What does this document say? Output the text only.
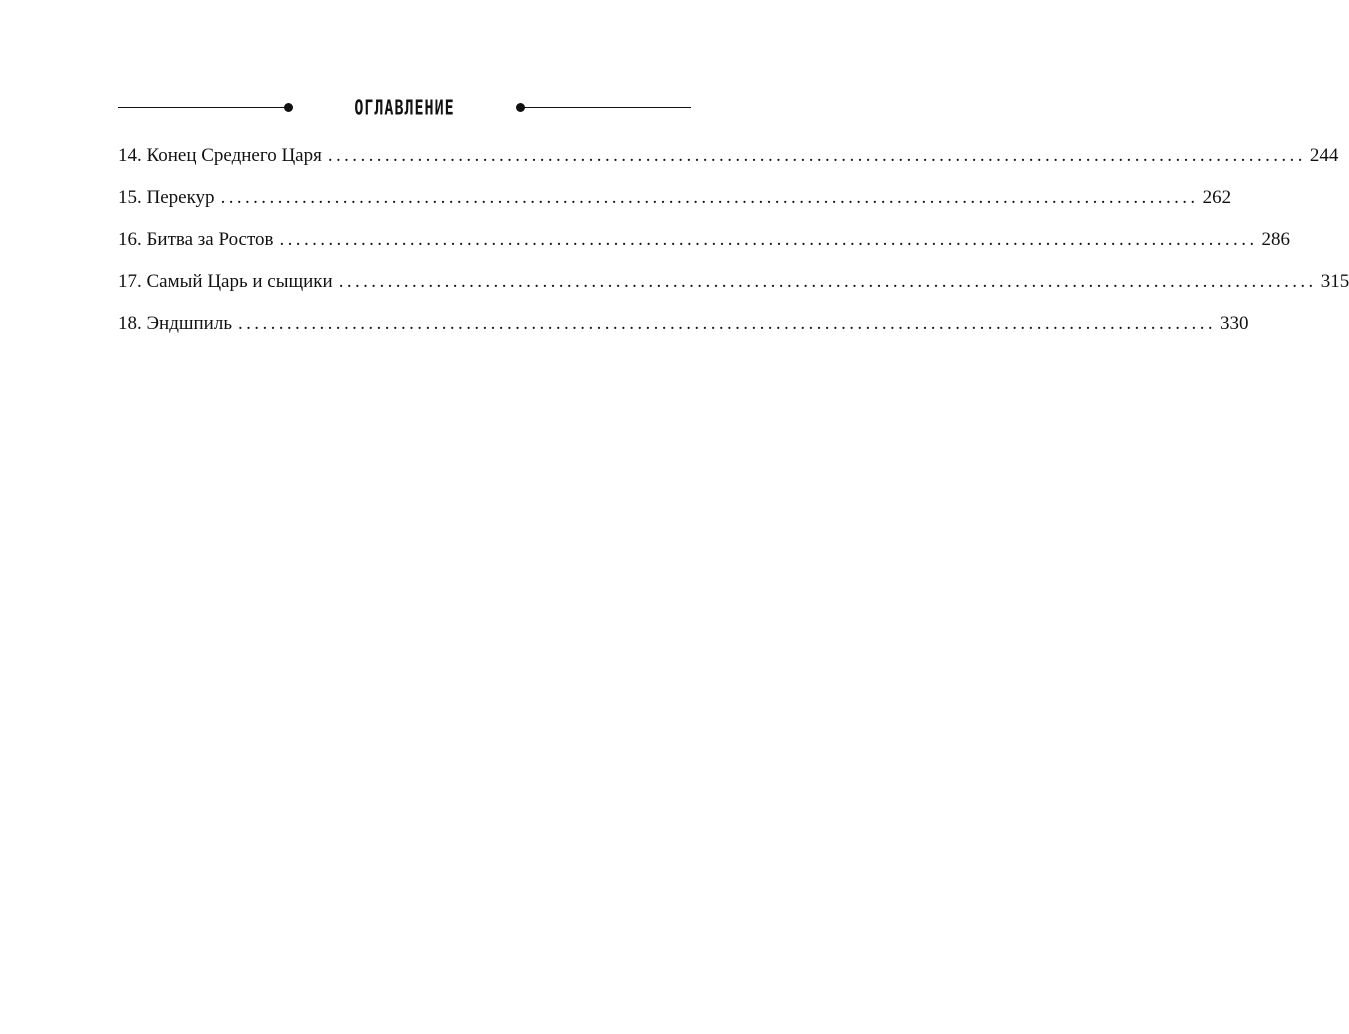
ОГЛАВЛЕНИЕ
14. Конец Среднего Царя ........................................................................................................................ 244
15. Перекур ........................................................................................................................ 262
16. Битва за Ростов ........................................................................................................................ 286
17. Самый Царь и сыщики ........................................................................................................................ 315
18. Эндшпиль ........................................................................................................................ 330
